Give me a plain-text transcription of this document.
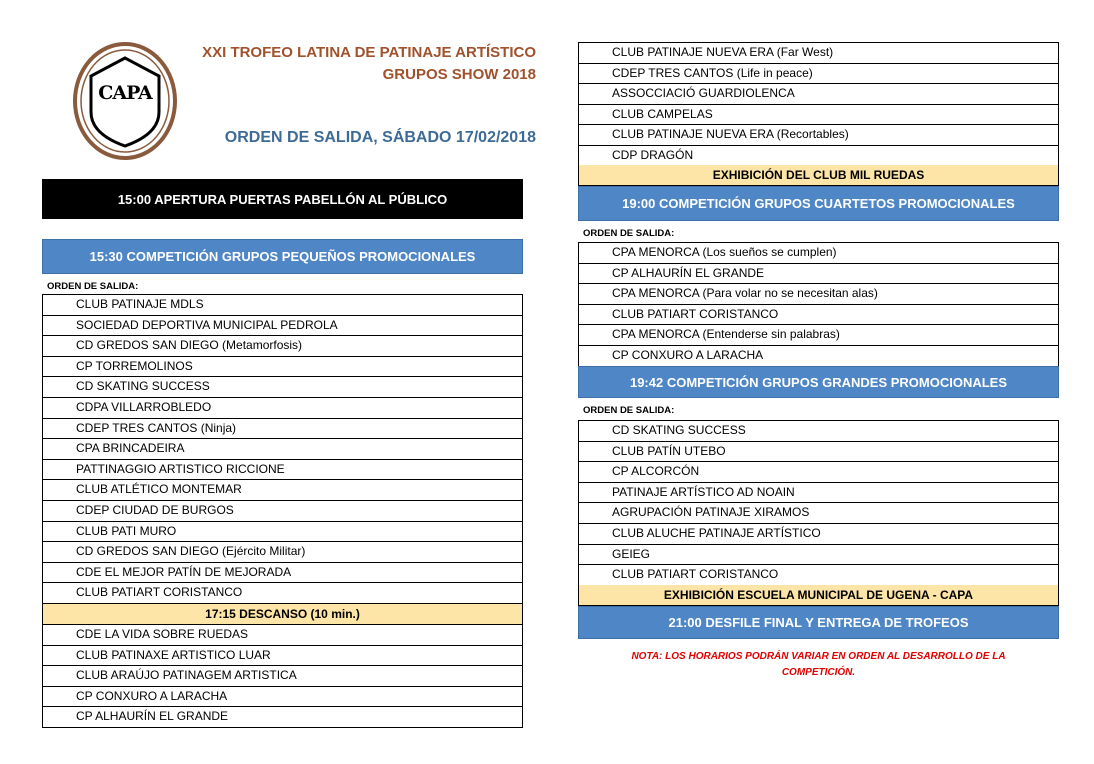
CAPA
XXI TROFEO LATINA DE PATINAJE ARTÍSTICO
GRUPOS SHOW 2018
ORDEN DE SALIDA, SÁBADO 17/02/2018
15:00 APERTURA PUERTAS PABELLÓN AL PÚBLICO
15:30 COMPETICIÓN GRUPOS PEQUEÑOS PROMOCIONALES
ORDEN DE SALIDA:
CLUB PATINAJE MDLS
SOCIEDAD DEPORTIVA MUNICIPAL PEDROLA
CD GREDOS SAN DIEGO (Metamorfosis)
CP TORREMOLINOS
CD SKATING SUCCESS
CDPA VILLARROBLEDO
CDEP TRES CANTOS (Ninja)
CPA BRINCADEIRA
PATTINAGGIO ARTISTICO RICCIONE
CLUB ATLÉTICO MONTEMAR
CDEP CIUDAD DE BURGOS
CLUB PATI MURO
CD GREDOS SAN DIEGO (Ejército Militar)
CDE EL MEJOR PATÍN DE MEJORADA
CLUB PATIART CORISTANCO
17:15 DESCANSO (10 min.)
CDE LA VIDA SOBRE RUEDAS
CLUB PATINAXE ARTISTICO LUAR
CLUB ARAÚJO PATINAGEM ARTISTICA
CP CONXURO A LARACHA
CP ALHAURÍN EL GRANDE
CLUB PATINAJE NUEVA ERA (Far West)
CDEP TRES CANTOS (Life in peace)
ASSOCCIACIÓ GUARDIOLENCA
CLUB CAMPELAS
CLUB PATINAJE NUEVA ERA (Recortables)
CDP DRAGÓN
EXHIBICIÓN DEL CLUB MIL RUEDAS
19:00 COMPETICIÓN GRUPOS CUARTETOS PROMOCIONALES
ORDEN DE SALIDA:
CPA MENORCA (Los sueños se cumplen)
CP ALHAURÍN EL GRANDE
CPA MENORCA (Para volar no se necesitan alas)
CLUB PATIART CORISTANCO
CPA MENORCA (Entenderse sin palabras)
CP CONXURO A LARACHA
19:42 COMPETICIÓN GRUPOS GRANDES PROMOCIONALES
ORDEN DE SALIDA:
CD SKATING SUCCESS
CLUB PATÍN UTEBO
CP ALCORCÓN
PATINAJE ARTÍSTICO AD NOAIN
AGRUPACIÓN PATINAJE XIRAMOS
CLUB ALUCHE PATINAJE ARTÍSTICO
GEIEG
CLUB PATIART CORISTANCO
EXHIBICIÓN ESCUELA MUNICIPAL DE UGENA - CAPA
21:00 DESFILE FINAL Y ENTREGA DE TROFEOS
NOTA: LOS HORARIOS PODRÁN VARIAR EN ORDEN AL DESARROLLO DE LA
COMPETICIÓN.
